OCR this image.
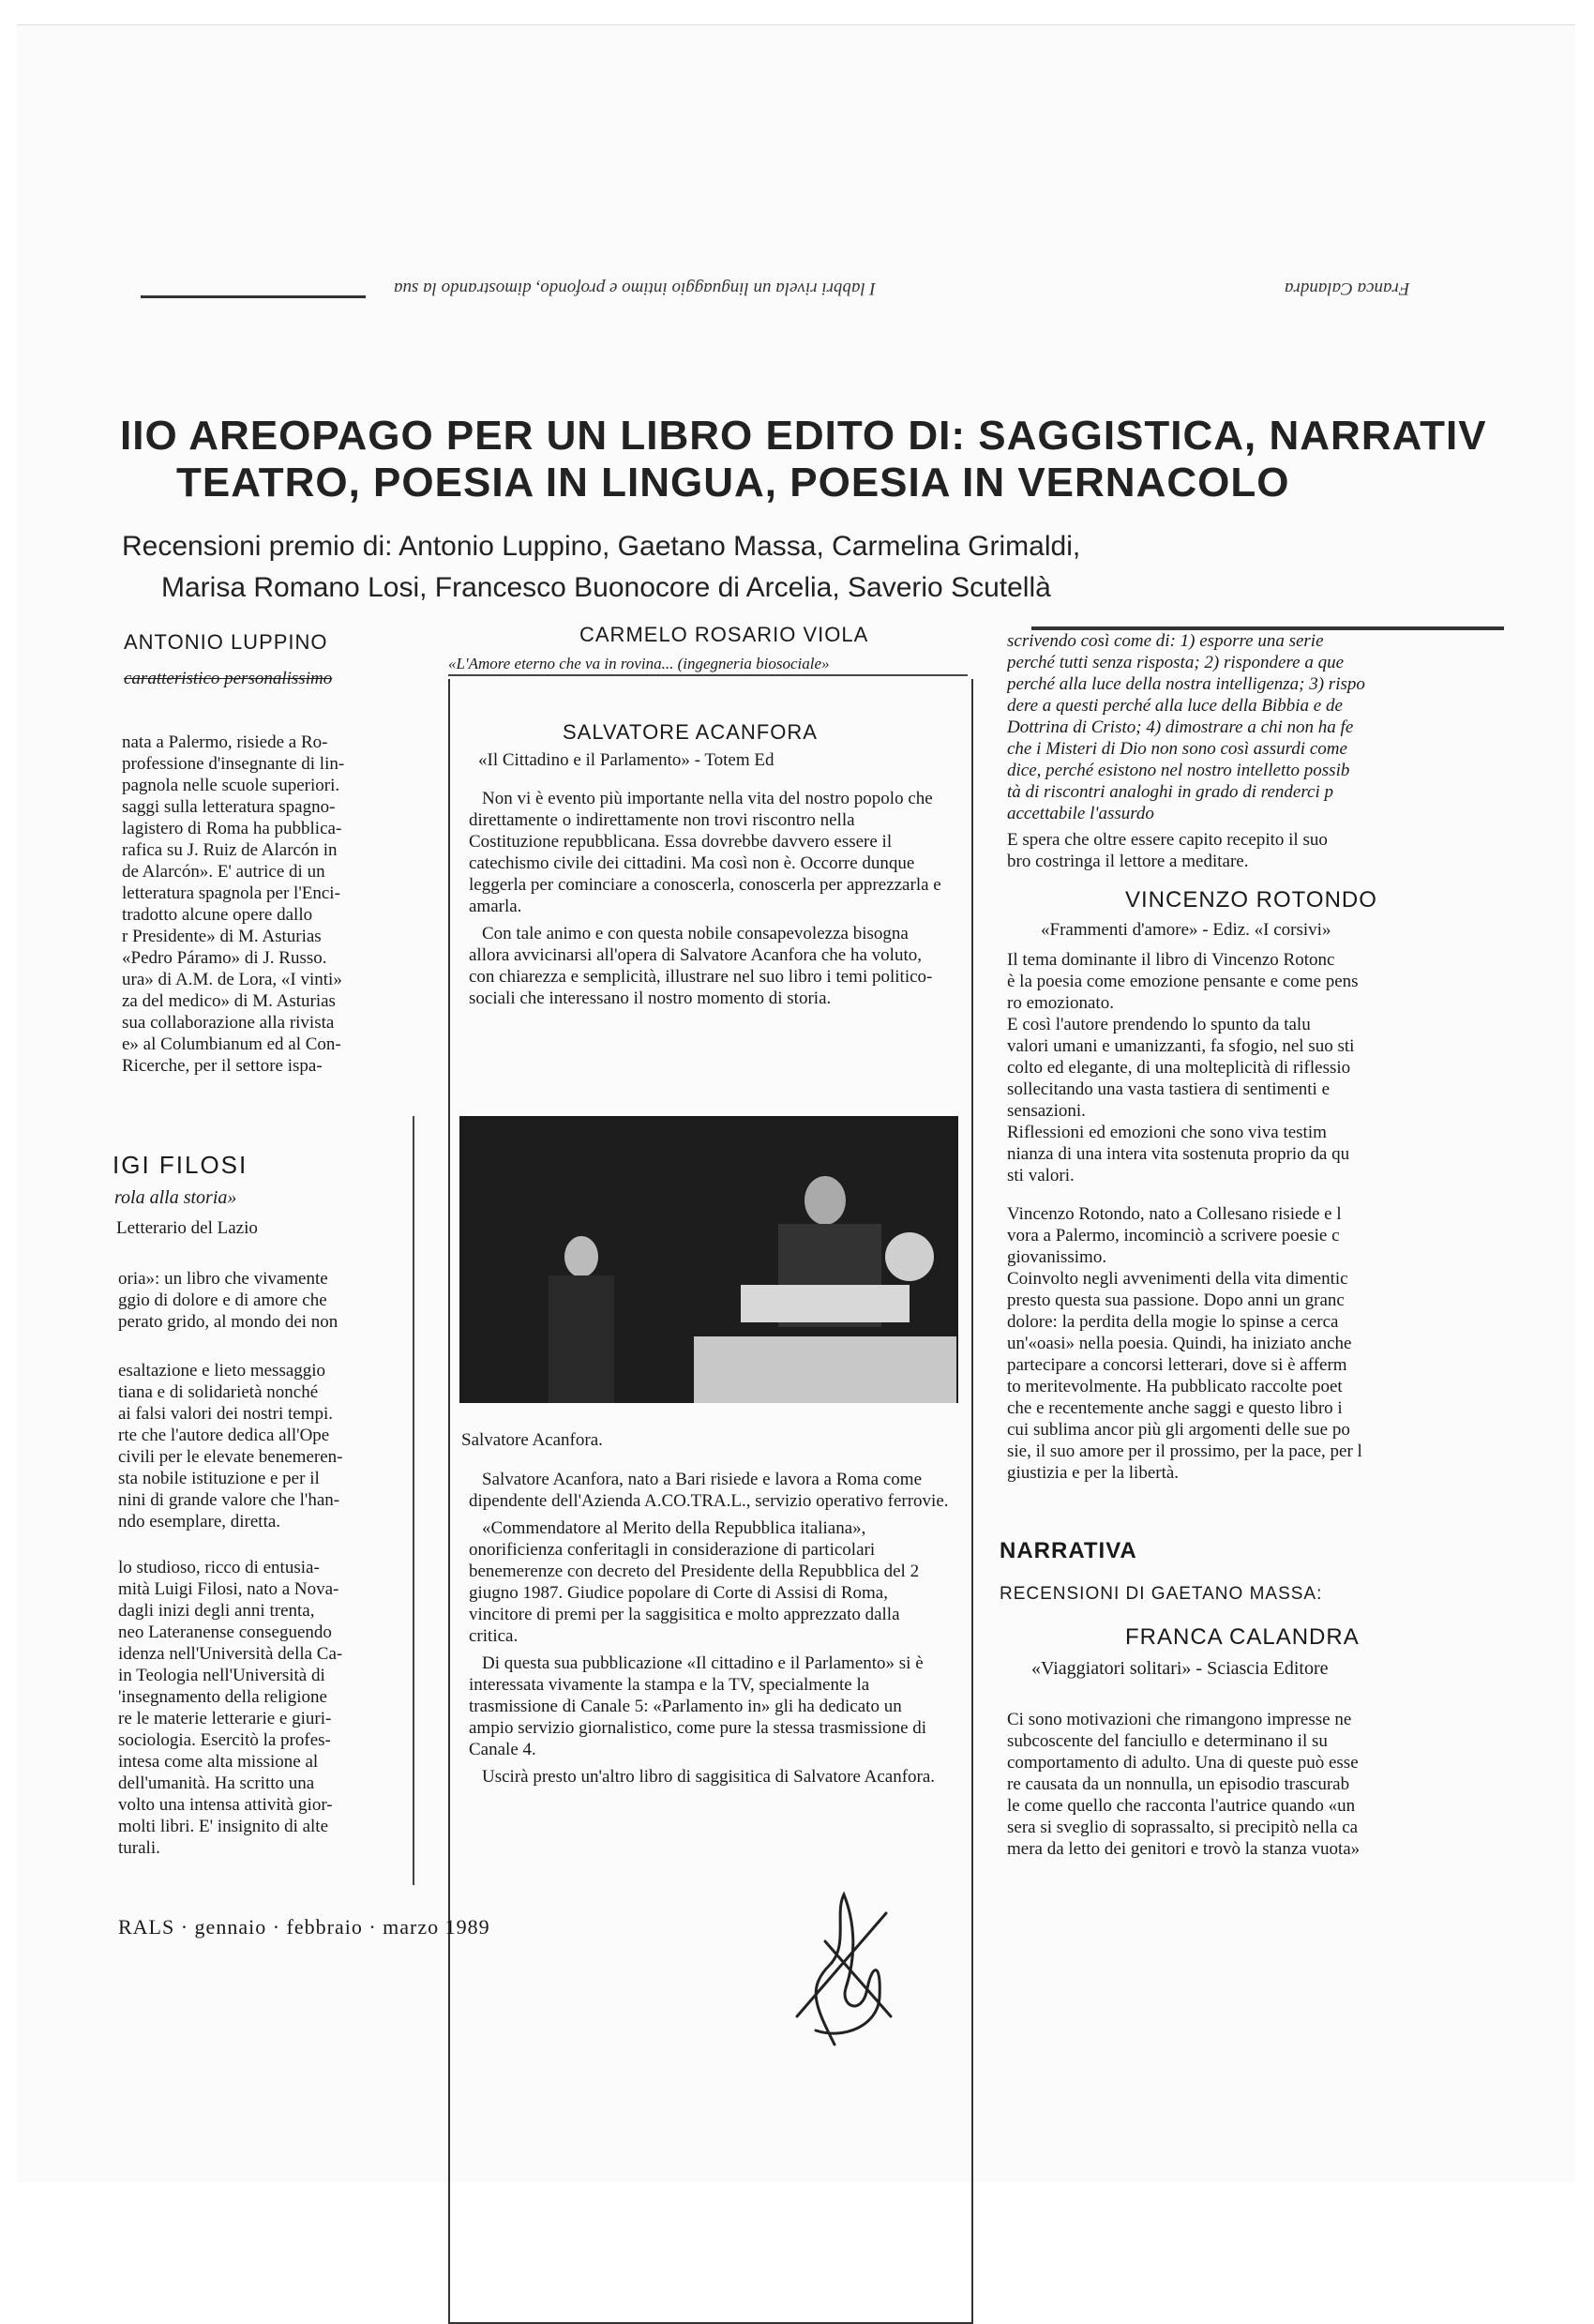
I labbri rivela un linguaggio intimo e profondo, dimostrando la sua	Franca Calandra
IIO AREOPAGO PER UN LIBRO EDITO DI: SAGGISTICA, NARRATIV
TEATRO, POESIA IN LINGUA, POESIA IN VERNACOLO
Recensioni premio di: Antonio Luppino, Gaetano Massa, Carmelina Grimaldi,
Marisa Romano Losi, Francesco Buonocore di Arcelia, Saverio Scutellà
ANTONIO LUPPINO
caratteristico personalissimo
nata a Palermo, risiede a Ro-
professione d'insegnante di lin-
pagnola nelle scuole superiori.
saggi sulla letteratura spagno-
lagistero di Roma ha pubblica-
rafica su J. Ruiz de Alarcón in
de Alarcón». E' autrice di un
letteratura spagnola per l'Enci-
tradotto alcune opere dallo
r Presidente» di M. Asturias
«Pedro Páramo» di J. Russo.
ura» di A.M. de Lora, «I vinti»
za del medico» di M. Asturias
sua collaborazione alla rivista
e» al Columbianum ed al Con-
Ricerche, per il settore ispa-
IGI FILOSI
rola alla storia»
Letterario del Lazio
oria»: un libro che vivamente
ggio di dolore e di amore che
perato grido, al mondo dei non
esaltazione e lieto messaggio
tiana e di solidarietà nonché
ai falsi valori dei nostri tempi.
rte che l'autore dedica all'Ope
civili per le elevate benemeren-
sta nobile istituzione e per il
nini di grande valore che l'han-
ndo esemplare, diretta.
lo studioso, ricco di entusia-
mità Luigi Filosi, nato a Nova-
dagli inizi degli anni trenta,
neo Lateranense conseguendo
idenza nell'Università della Ca-
in Teologia nell'Università di
'insegnamento della religione
re le materie letterarie e giuri-
sociologia. Esercitò la profes-
intesa come alta missione al
dell'umanità. Ha scritto una
volto una intensa attività gior-
molti libri. E' insignito di alte
turali.
CARMELO ROSARIO VIOLA
«L'Amore eterno che va in rovina... (ingegneria biosociale»
SALVATORE ACANFORA
«Il Cittadino e il Parlamento» - Totem Ed

Non vi è evento più importante nella vita del nostro popolo che direttamente o indirettamente non trovi riscontro nella Costituzione repubblicana. Essa dovrebbe davvero essere il catechismo civile dei cittadini. Ma così non è. Occorre dunque leggerla per cominciare a conoscerla, conoscerla per apprezzarla e amarla.

Con tale animo e con questa nobile consapevolezza bisogna allora avvicinarsi all'opera di Salvatore Acanfora che ha voluto, con chiarezza e semplicità, illustrare nel suo libro i temi politico-sociali che interessano il nostro momento di storia.

Salvatore Acanfora.

Salvatore Acanfora, nato a Bari risiede e lavora a Roma come dipendente dell'Azienda A.CO.TRA.L., servizio operativo ferrovie.

«Commendatore al Merito della Repubblica italiana», onorificienza conferitagli in considerazione di particolari benemerenze con decreto del Presidente della Repubblica del 2 giugno 1987. Giudice popolare di Corte di Assisi di Roma, vincitore di premi per la saggisitica e molto apprezzato dalla critica.

Di questa sua pubblicazione «Il cittadino e il Parlamento» si è interessata vivamente la stampa e la TV, specialmente la trasmissione di Canale 5: «Parlamento in» gli ha dedicato un ampio servizio giornalistico, come pure la stessa trasmissione di Canale 4.

Uscirà presto un'altro libro di saggisitica di Salvatore Acanfora.

scrivendo così come di: 1) esporre una serie
perché tutti senza risposta; 2) rispondere a que
perché alla luce della nostra intelligenza; 3) rispo
dere a questi perché alla luce della Bibbia e de
Dottrina di Cristo; 4) dimostrare a chi non ha fe
che i Misteri di Dio non sono così assurdi come
dice, perché esistono nel nostro intelletto possib
tà di riscontri analoghi in grado di renderci p
accettabile l'assurdo
E spera che oltre essere capito recepito il suo
bro costringa il lettore a meditare.
VINCENZO ROTONDO
«Frammenti d'amore» - Ediz. «I corsivi»
Il tema dominante il libro di Vincenzo Rotonc
è la poesia come emozione pensante e come pens
ro emozionato.
E così l'autore prendendo lo spunto da talu
valori umani e umanizzanti, fa sfogio, nel suo sti
colto ed elegante, di una molteplicità di riflessio
sollecitando una vasta tastiera di sentimenti e
sensazioni.
Riflessioni ed emozioni che sono viva testim
nianza di una intera vita sostenuta proprio da qu
sti valori.
Vincenzo Rotondo, nato a Collesano risiede e l
vora a Palermo, incominciò a scrivere poesie c
giovanissimo.
Coinvolto negli avvenimenti della vita dimentic
presto questa sua passione. Dopo anni un granc
dolore: la perdita della mogie lo spinse a cerca
un'«oasi» nella poesia. Quindi, ha iniziato anche
partecipare a concorsi letterari, dove si è afferm
to meritevolmente. Ha pubblicato raccolte poet
che e recentemente anche saggi e questo libro i
cui sublima ancor più gli argomenti delle sue po
sie, il suo amore per il prossimo, per la pace, per l
giustizia e per la libertà.
NARRATIVA
RECENSIONI DI GAETANO MASSA:
FRANCA CALANDRA
«Viaggiatori solitari» - Sciascia Editore
Ci sono motivazioni che rimangono impresse ne
subcoscente del fanciullo e determinano il su
comportamento di adulto. Una di queste può esse
re causata da un nonnulla, un episodio trascurab
le come quello che racconta l'autrice quando «un
sera si sveglio di soprassalto, si precipitò nella ca
mera da letto dei genitori e trovò la stanza vuota»
RALS · gennaio · febbraio · marzo 1989
